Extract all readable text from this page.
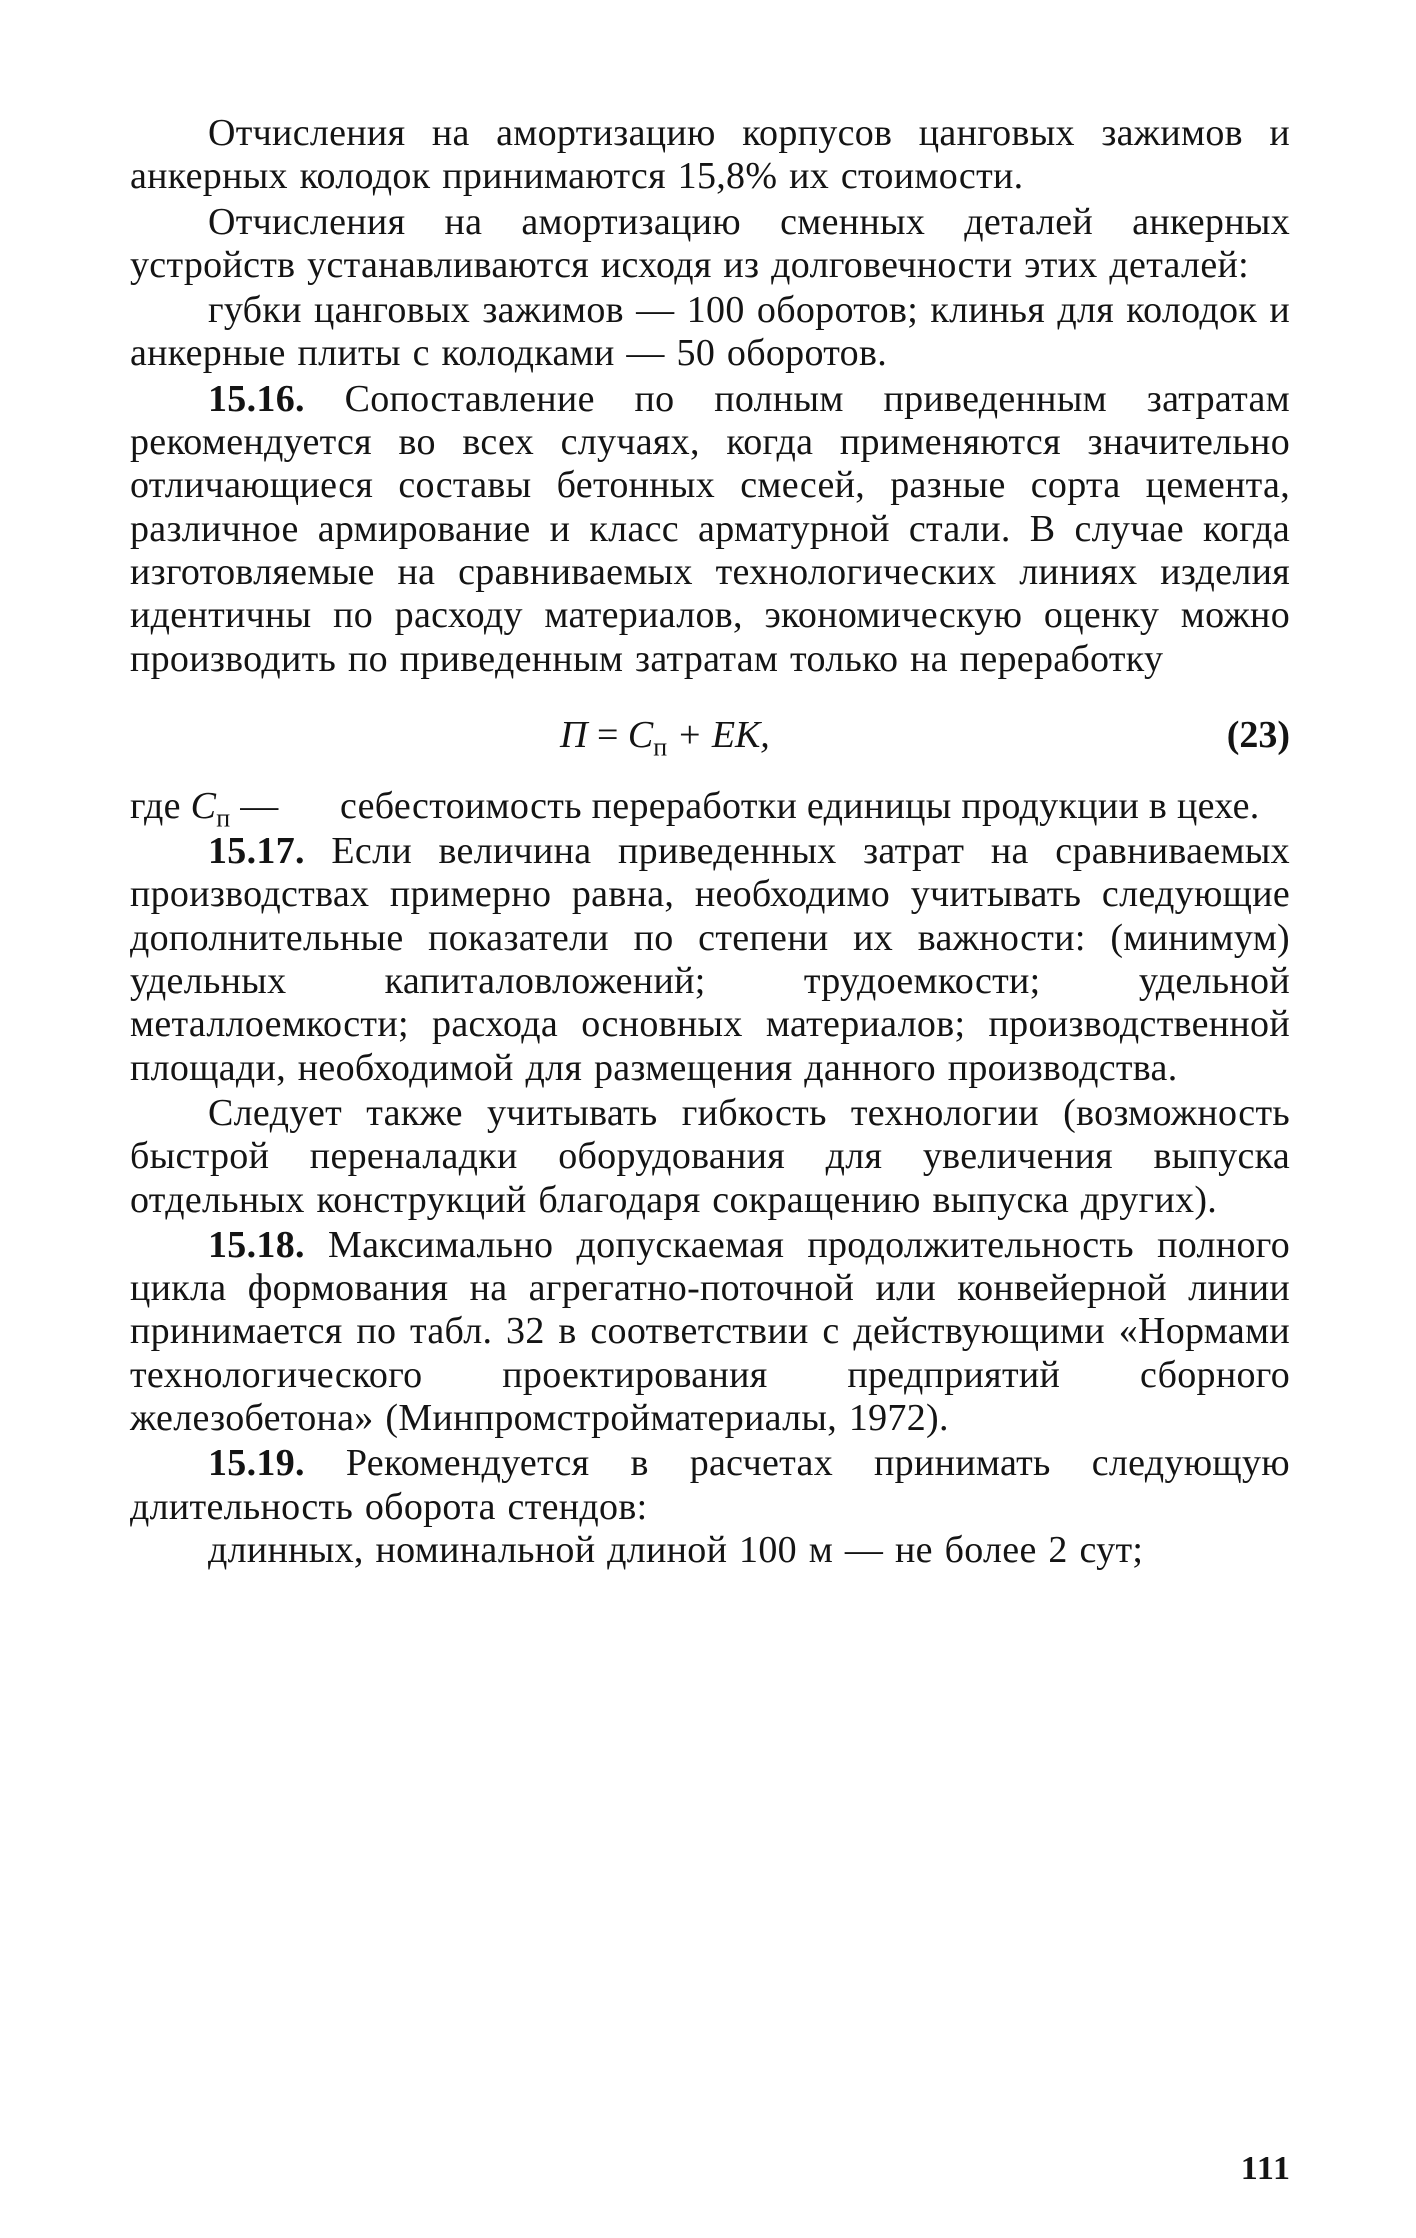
Отчисления на амортизацию корпусов цанговых зажимов и анкерных колодок принимаются 15,8% их стоимости.

Отчисления на амортизацию сменных деталей анкерных устройств устанавливаются исходя из долговечности этих деталей:

губки цанговых зажимов — 100 оборотов; клинья для колодок и анкерные плиты с колодками — 50 оборотов.

15.16. Сопоставление по полным приведенным затратам рекомендуется во всех случаях, когда применяются значительно отличающиеся составы бетонных смесей, разные сорта цемента, различное армирование и класс арматурной стали. В случае когда изготовляемые на сравниваемых технологических линиях изделия идентичны по расходу материалов, экономическую оценку можно производить по приведенным затратам только на переработку

$П = С_п$ + ЕК,	(23)
где $С_п$ — себестоимость переработки единицы продукции в цехе.

15.17. Если величина приведенных затрат на сравниваемых производствах примерно равна, необходимо учитывать следующие дополнительные показатели по степени их важности: (минимум) удельных капиталовложений; трудоемкости; удельной металлоемкости; расхода основных материалов; производственной площади, необходимой для размещения данного производства.

Следует также учитывать гибкость технологии (возможность быстрой переналадки оборудования для увеличения выпуска отдельных конструкций благодаря сокращению выпуска других).

15.18. Максимально допускаемая продолжительность полного цикла формования на агрегатно-поточной или конвейерной линии принимается по табл. 32 в соответствии с действующими «Нормами технологического проектирования предприятий сборного железобетона» (Минпромстройматериалы, 1972).

15.19. Рекомендуется в расчетах принимать следующую длительность оборота стендов:

длинных, номинальной длиной 100 м — не более 2 сут;

111
